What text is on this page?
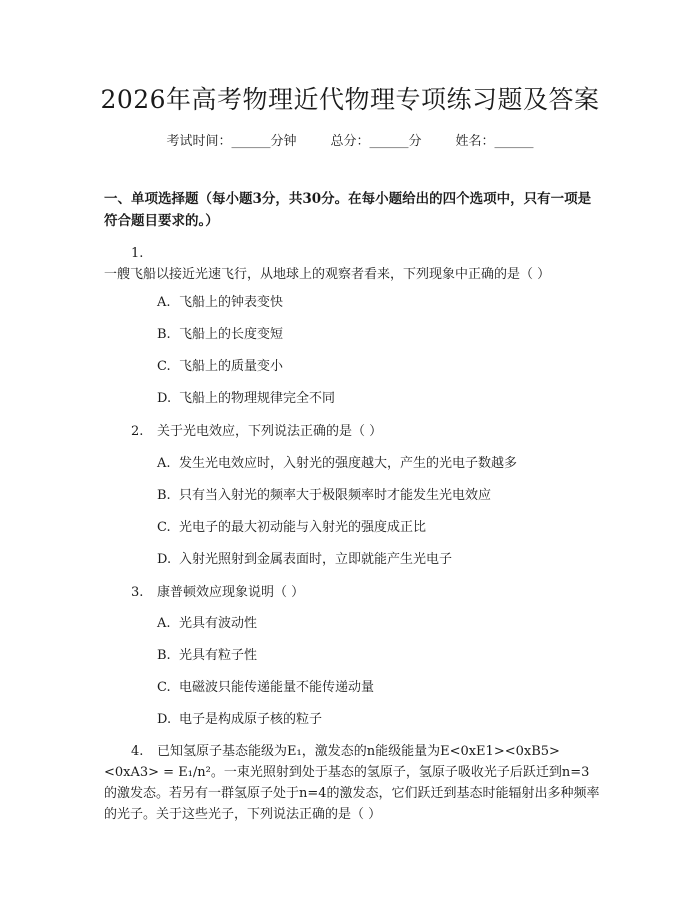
2026年高考物理近代物理专项练习题及答案
考试时间：______分钟	总分：______分	姓名：______
一、单项选择题（每小题3分，共30分。在每小题给出的四个选项中，只有一项是符合题目要求的。）
1.一艘飞船以接近光速飞行，从地球上的观察者看来，下列现象中正确的是（ ）
A. 飞船上的钟表变快
B. 飞船上的长度变短
C. 飞船上的质量变小
D. 飞船上的物理规律完全不同
2. 关于光电效应，下列说法正确的是（ ）
A. 发生光电效应时，入射光的强度越大，产生的光电子数越多
B. 只有当入射光的频率大于极限频率时才能发生光电效应
C. 光电子的最大初动能与入射光的强度成正比
D. 入射光照射到金属表面时，立即就能产生光电子
3. 康普顿效应现象说明（ ）
A. 光具有波动性
B. 光具有粒子性
C. 电磁波只能传递能量不能传递动量
D. 电子是构成原子核的粒子
4. 已知氢原子基态能级为E₁，激发态的n能级能量为E<0xE1><0xB5><0xA3> = E₁/n²。一束光照射到处于基态的氢原子，氢原子吸收光子后跃迁到n=3的激发态。若另有一群氢原子处于n=4的激发态，它们跃迁到基态时能辐射出多种频率的光子。关于这些光子，下列说法正确的是（ ）
